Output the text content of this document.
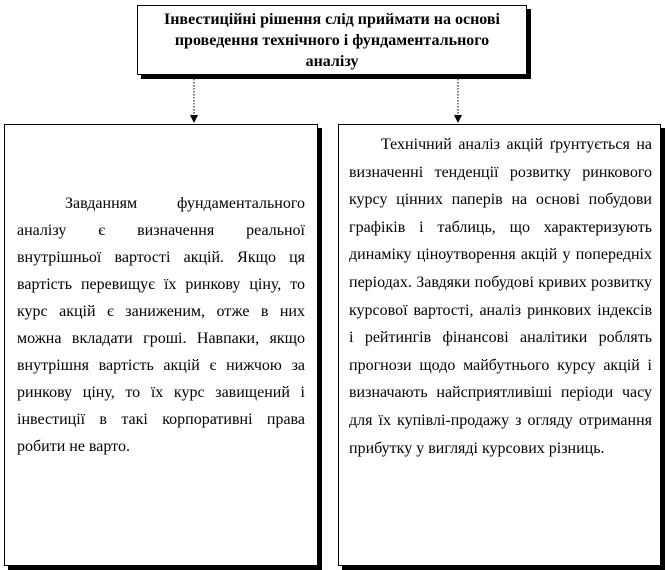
Інвестиційні рішення слід приймати на основі проведення технічного і фундаментального аналізу

Завданням фундаментального аналізу є визначення реальної внутрішньої вартості акцій. Якщо ця вартість перевищує їх ринкову ціну, то курс акцій є заниженим, отже в них можна вкладати гроші. Навпаки, якщо внутрішня вартість акцій є нижчою за ринкову ціну, то їх курс завищений і інвестиції в такі корпоративні права робити не варто.

Технічний аналіз акцій ґрунтується на визначенні тенденції розвитку ринкового курсу цінних паперів на основі побудови графіків і таблиць, що характеризують динаміку ціноутворення акцій у попередніх періодах. Завдяки побудові кривих розвитку курсової вартості, аналіз ринкових індексів і рейтингів фінансові аналітики роблять прогнози щодо майбутнього курсу акцій і визначають найсприятливіші періоди часу для їх купівлі-продажу з огляду отримання прибутку у вигляді курсових різниць.
